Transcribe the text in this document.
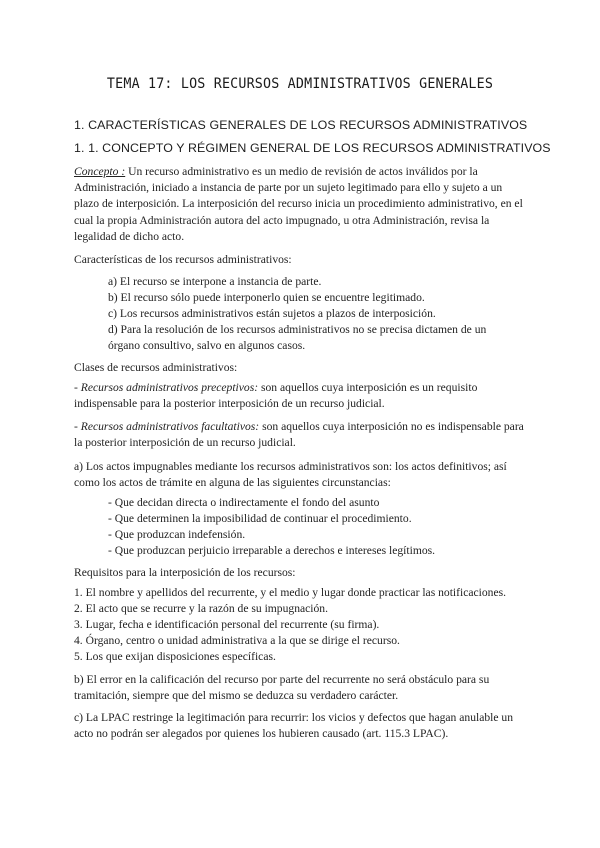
TEMA 17: LOS RECURSOS ADMINISTRATIVOS GENERALES
1. CARACTERÍSTICAS GENERALES DE LOS RECURSOS ADMINISTRATIVOS
1. 1. CONCEPTO Y RÉGIMEN GENERAL DE LOS RECURSOS ADMINISTRATIVOS
Concepto : Un recurso administrativo es un medio de revisión de actos inválidos por la Administración, iniciado a instancia de parte por un sujeto legitimado para ello y sujeto a un plazo de interposición. La interposición del recurso inicia un procedimiento administrativo, en el cual la propia Administración autora del acto impugnado, u otra Administración, revisa la legalidad de dicho acto.
Características de los recursos administrativos:
a) El recurso se interpone a instancia de parte.
b) El recurso sólo puede interponerlo quien se encuentre legitimado.
c) Los recursos administrativos están sujetos a plazos de interposición.
d) Para la resolución de los recursos administrativos no se precisa dictamen de un
órgano consultivo, salvo en algunos casos.
Clases de recursos administrativos:
- Recursos administrativos preceptivos: son aquellos cuya interposición es un requisito indispensable para la posterior interposición de un recurso judicial.
- Recursos administrativos facultativos: son aquellos cuya interposición no es indispensable para la posterior interposición de un recurso judicial.
a) Los actos impugnables mediante los recursos administrativos son: los actos definitivos; así como los actos de trámite en alguna de las siguientes circunstancias:
- Que decidan directa o indirectamente el fondo del asunto
- Que determinen la imposibilidad de continuar el procedimiento.
- Que produzcan indefensión.
- Que produzcan perjuicio irreparable a derechos e intereses legítimos.
Requisitos para la interposición de los recursos:
1. El nombre y apellidos del recurrente, y el medio y lugar donde practicar las notificaciones.
2. El acto que se recurre y la razón de su impugnación.
3. Lugar, fecha e identificación personal del recurrente (su firma).
4. Órgano, centro o unidad administrativa a la que se dirige el recurso.
5. Los que exijan disposiciones específicas.
b) El error en la calificación del recurso por parte del recurrente no será obstáculo para su tramitación, siempre que del mismo se deduzca su verdadero carácter.
c) La LPAC restringe la legitimación para recurrir: los vicios y defectos que hagan anulable un acto no podrán ser alegados por quienes los hubieren causado (art. 115.3 LPAC).
